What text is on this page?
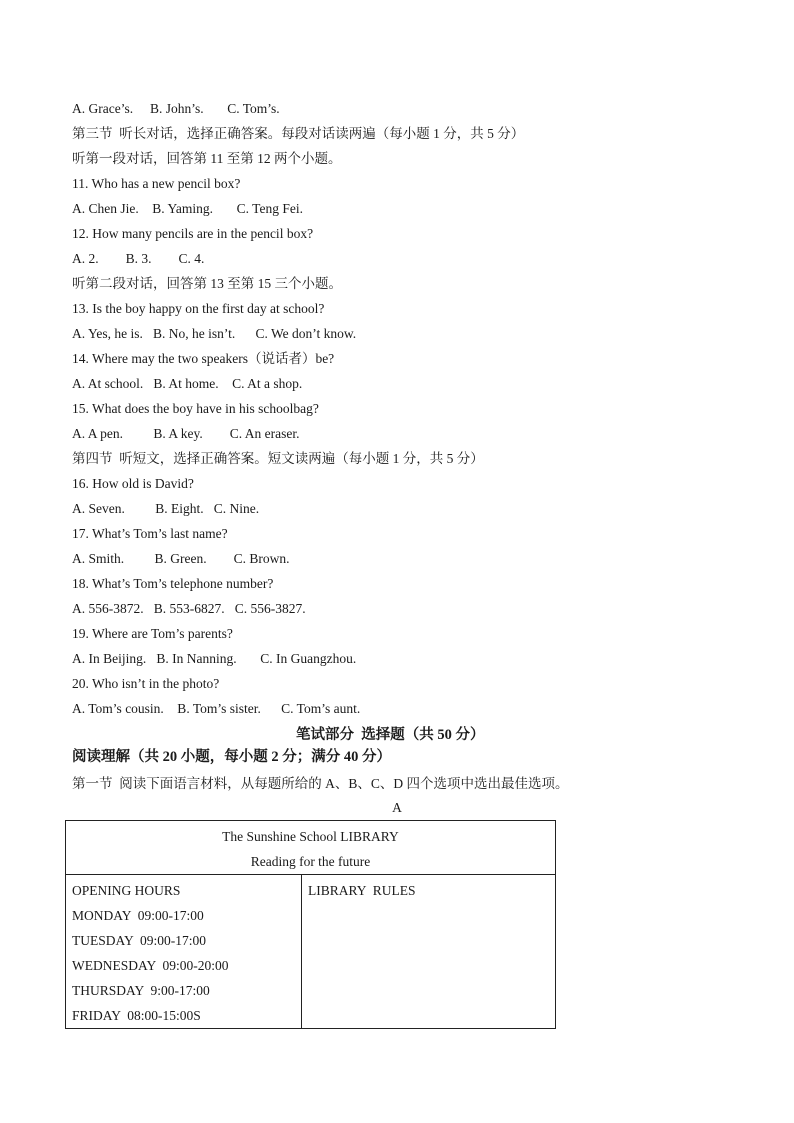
A. Grace’s.     B. John’s.       C. Tom’s.
第三节  听长对话，选择正确答案。每段对话读两遍（每小题 1 分，共 5 分）
听第一段对话，回答第 11 至第 12 两个小题。
11. Who has a new pencil box?
A. Chen Jie.    B. Yaming.       C. Teng Fei.
12. How many pencils are in the pencil box?
A. 2.        B. 3.        C. 4.
听第二段对话，回答第 13 至第 15 三个小题。
13. Is the boy happy on the first day at school?
A. Yes, he is.   B. No, he isn’t.      C. We don’t know.
14. Where may the two speakers（说话者）be?
A. At school.   B. At home.    C. At a shop.
15. What does the boy have in his schoolbag?
A. A pen.         B. A key.        C. An eraser.
第四节  听短文，选择正确答案。短文读两遍（每小题 1 分，共 5 分）
16. How old is David?
A. Seven.         B. Eight.   C. Nine.
17. What’s Tom’s last name?
A. Smith.         B. Green.        C. Brown.
18. What’s Tom’s telephone number?
A. 556-3872.   B. 553-6827.   C. 556-3827.
19. Where are Tom’s parents?
A. In Beijing.   B. In Nanning.       C. In Guangzhou.
20. Who isn’t in the photo?
A. Tom’s cousin.    B. Tom’s sister.      C. Tom’s aunt.
笔试部分  选择题（共 50 分）
阅读理解（共 20 小题，每小题 2 分；满分 40 分）
第一节  阅读下面语言材料，从每题所给的 A、B、C、D 四个选项中选出最佳选项。
A
The Sunshine School LIBRARY
Reading for the future

OPENING HOURS
MONDAY  09:00-17:00
TUESDAY  09:00-17:00
WEDNESDAY  09:00-20:00
THURSDAY  9:00-17:00
FRIDAY  08:00-15:00S

LIBRARY  RULES
